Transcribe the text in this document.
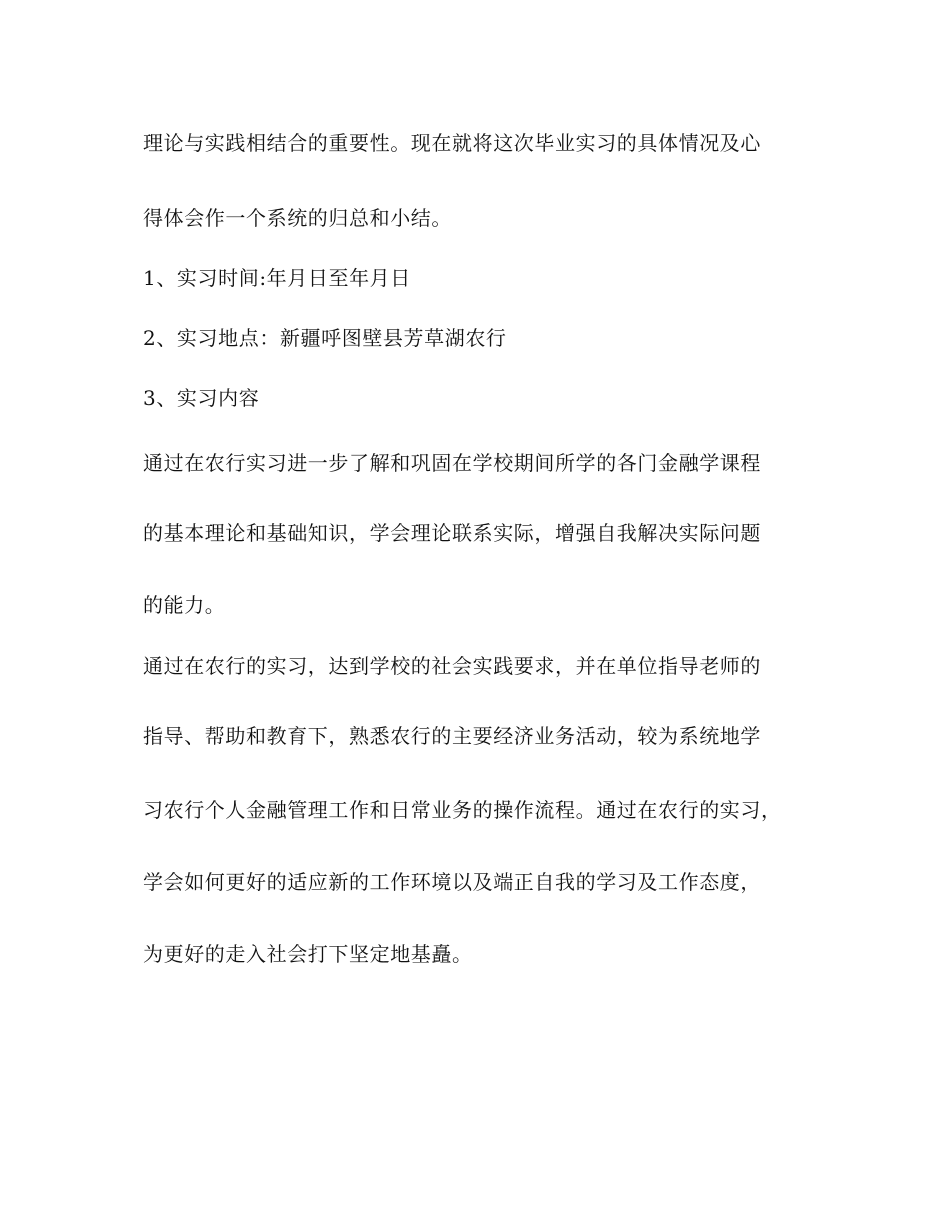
理论与实践相结合的重要性。现在就将这次毕业实习的具体情况及心
得体会作一个系统的归总和小结。
1、实习时间:年月日至年月日
2、实习地点：新疆呼图壁县芳草湖农行
3、实习内容
通过在农行实习进一步了解和巩固在学校期间所学的各门金融学课程
的基本理论和基础知识，学会理论联系实际，增强自我解决实际问题
的能力。
通过在农行的实习，达到学校的社会实践要求，并在单位指导老师的
指导、帮助和教育下，熟悉农行的主要经济业务活动，较为系统地学
习农行个人金融管理工作和日常业务的操作流程。通过在农行的实习，
学会如何更好的适应新的工作环境以及端正自我的学习及工作态度，
为更好的走入社会打下坚定地基矗。
